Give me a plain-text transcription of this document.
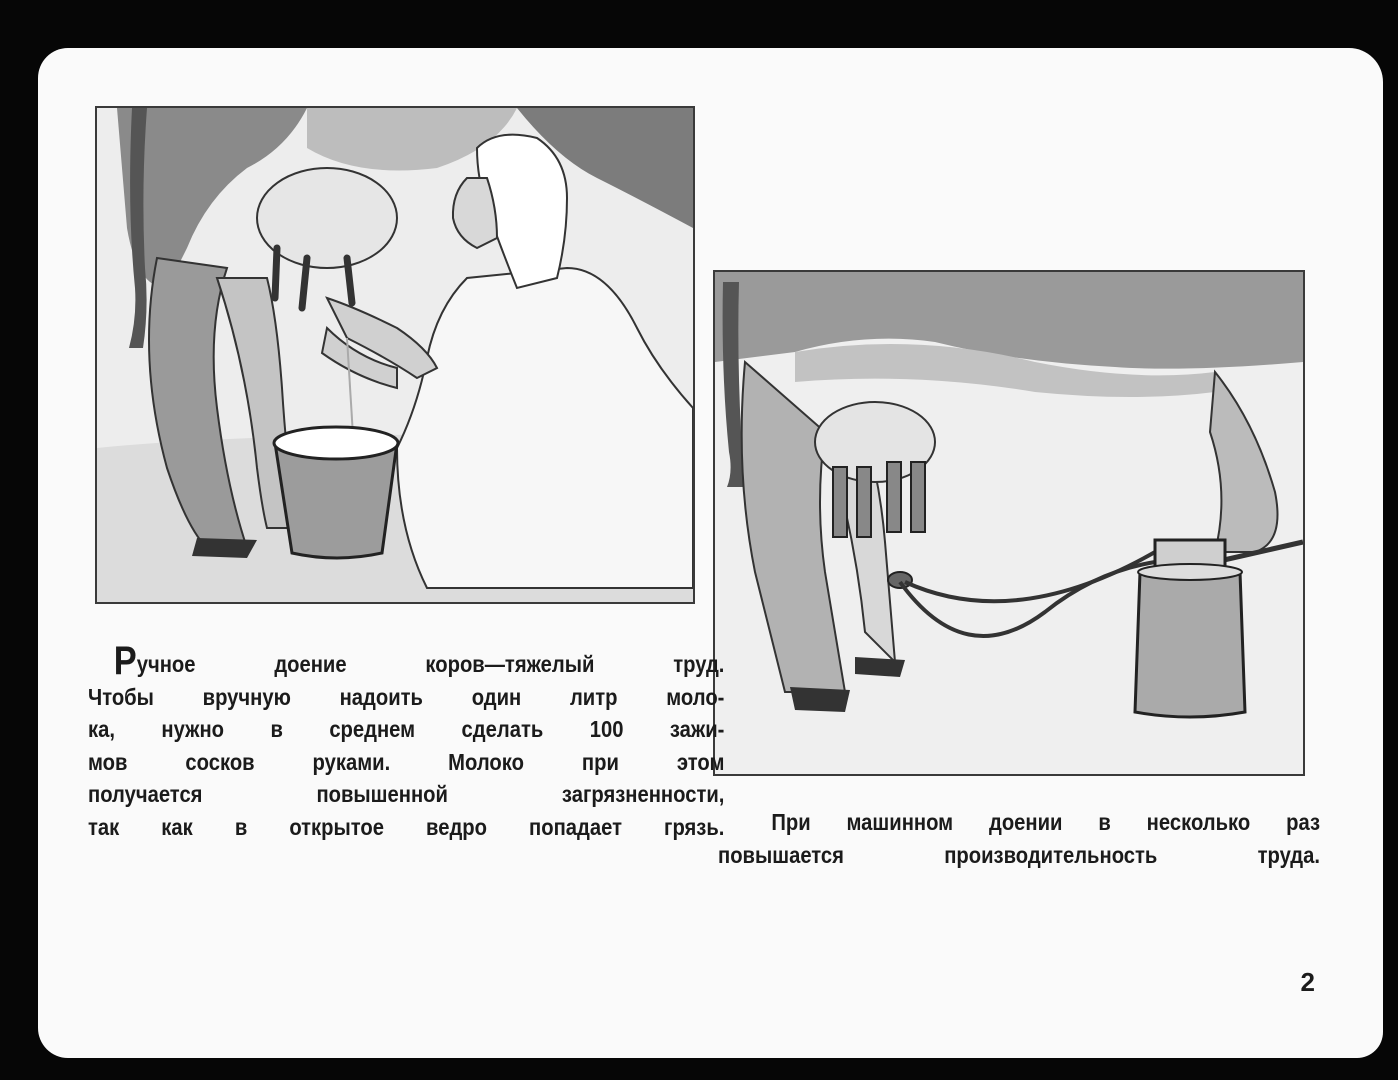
Ручное доение коров—тяжелый труд.
Чтобы вручную надоить один литр моло-
ка, нужно в среднем сделать 100 зажи-
мов сосков руками. Молоко при этом
получается повышенной загрязненности,
так как в открытое ведро попадает грязь.	При машинном доении в несколько раз
повышается производительность труда.
2
